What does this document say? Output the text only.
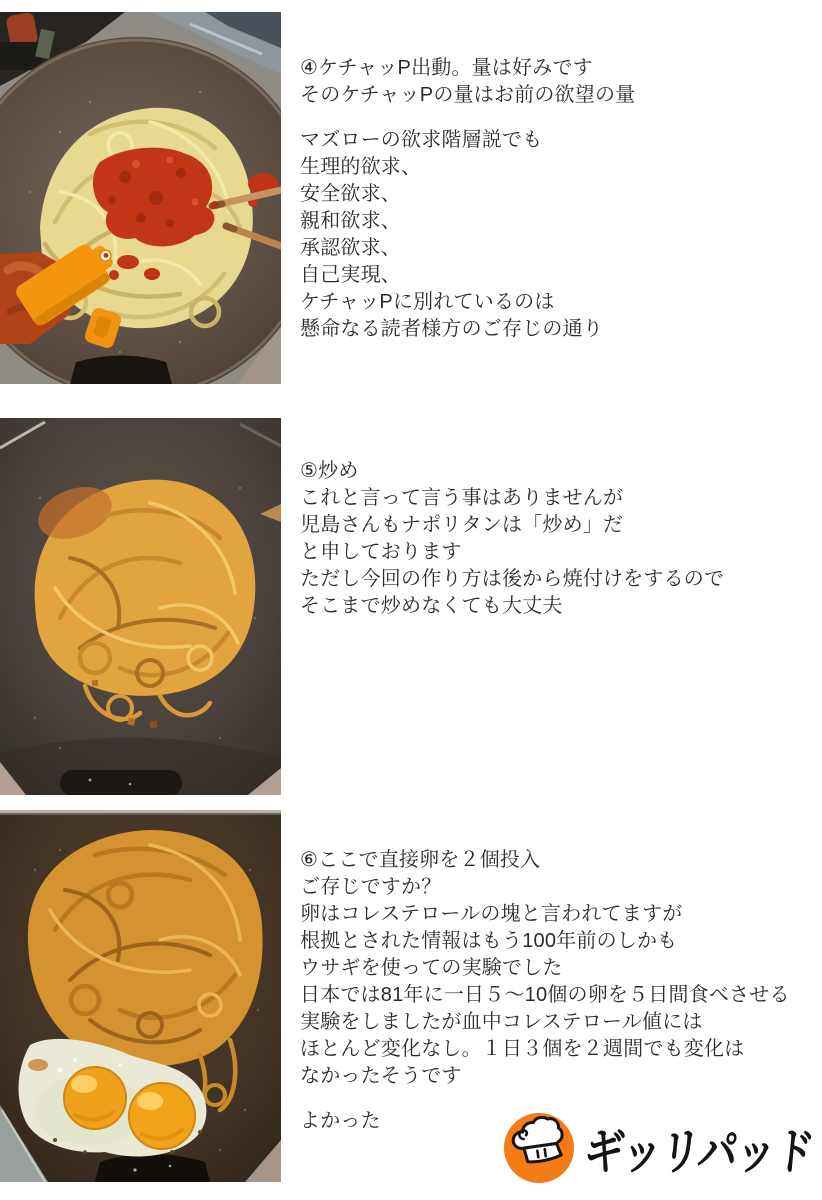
④ケチャッP出動。量は好みです
そのケチャッPの量はお前の欲望の量
マズローの欲求階層説でも
生理的欲求、
安全欲求、
親和欲求、
承認欲求、
自己実現、
ケチャッPに別れているのは
懸命なる読者様方のご存じの通り
⑤炒め
これと言って言う事はありませんが
児島さんもナポリタンは「炒め」だ
と申しております
ただし今回の作り方は後から焼付けをするので
そこまで炒めなくても大丈夫
⑥ここで直接卵を２個投入
ご存じですか？
卵はコレステロールの塊と言われてますが
根拠とされた情報はもう100年前のしかも
ウサギを使っての実験でした
日本では81年に一日５〜10個の卵を５日間食べさせる
実験をしましたが血中コレステロール値には
ほとんど変化なし。１日３個を２週間でも変化は
なかったそうです
よかった
ギッリパッド
